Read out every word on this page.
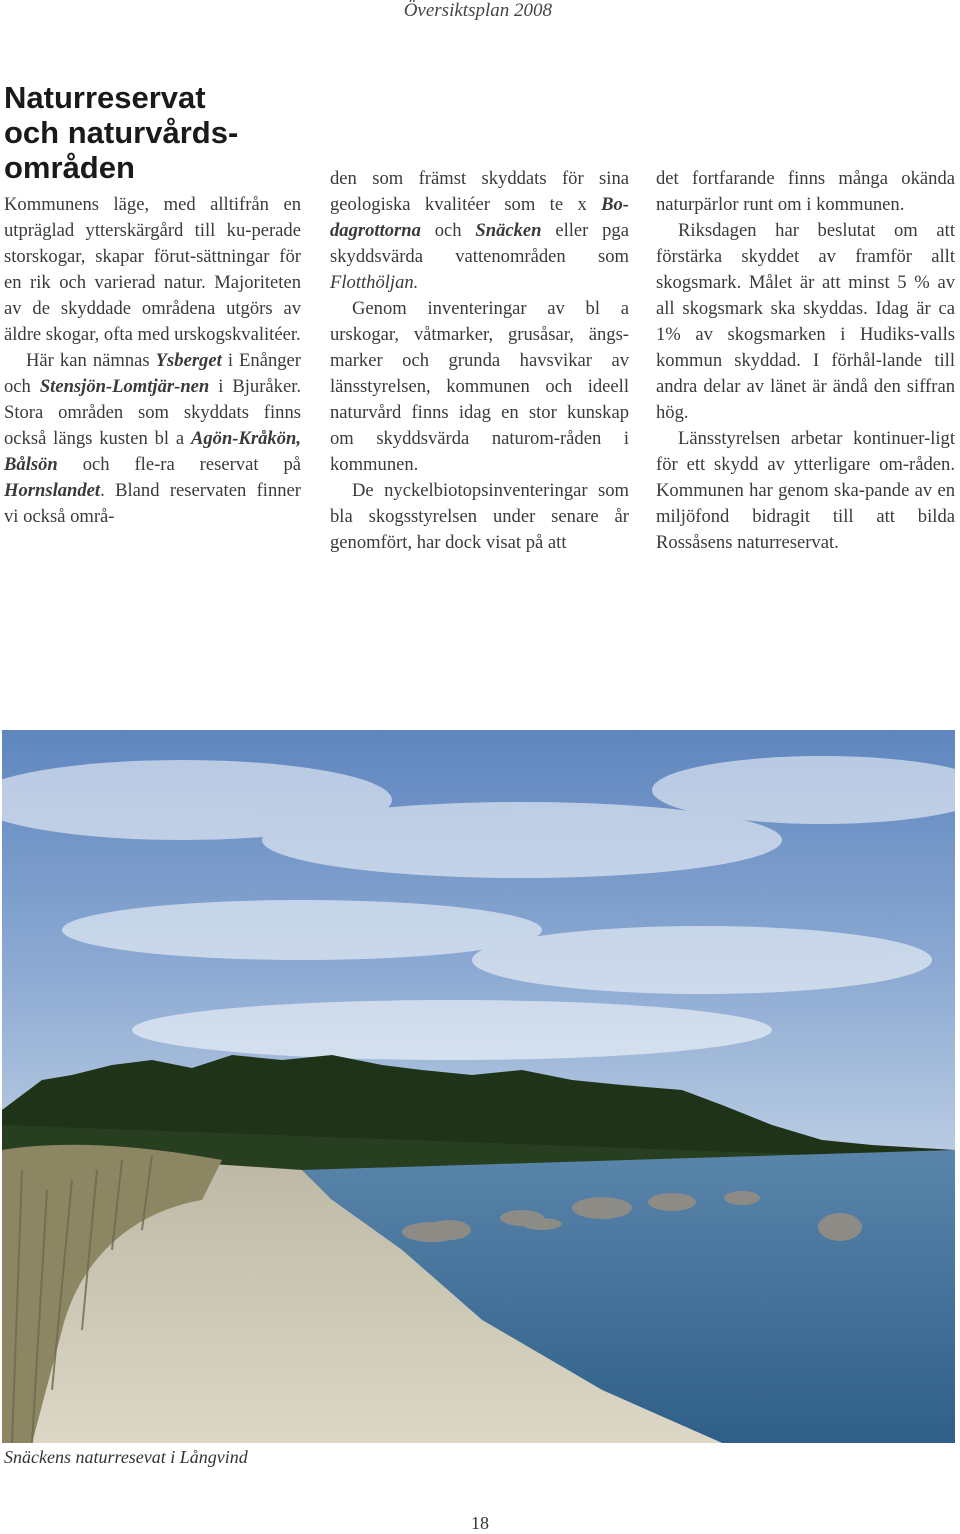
Översiktsplan 2008
Naturreservat
och naturvårds-
områden

Kommunens läge, med alltifrån en utpräglad ytterskärgård till ku-perade storskogar, skapar förut-sättningar för en rik och varierad natur. Majoriteten av de skyddade områdena utgörs av äldre skogar, ofta med urskogskvalitéer.

Här kan nämnas Ysberget i Enånger och Stensjön-Lomtjär-nen i Bjuråker. Stora områden som skyddats finns också längs kusten bl a Agön-Kråkön, Bålsön och fle-ra reservat på Hornslandet. Bland reservaten finner vi också områ-

den som främst skyddats för sina geologiska kvalitéer som te x Bo-dagrottorna och Snäcken eller pga skyddsvärda vattenområden som Flotthöljan.

Genom inventeringar av bl a urskogar, våtmarker, grusåsar, ängs- marker och grunda havsvikar av länsstyrelsen, kommunen och ideell naturvård finns idag en stor kunskap om skyddsvärda naturom-råden i kommunen.

De nyckelbiotopsinventeringar som bla skogsstyrelsen under senare år genomfört, har dock visat på att

det fortfarande finns många okända naturpärlor runt om i kommunen.

Riksdagen har beslutat om att förstärka skyddet av framför allt skogsmark. Målet är att minst 5 % av all skogsmark ska skyddas. Idag är ca 1% av skogsmarken i Hudiks-valls kommun skyddad. I förhål-lande till andra delar av länet är ändå den siffran hög.

Länsstyrelsen arbetar kontinuer-ligt för ett skydd av ytterligare om-råden. Kommunen har genom ska-pande av en miljöfond bidragit till att bilda Rossåsens naturreservat.

Snäckens naturresevat i Långvind
18
